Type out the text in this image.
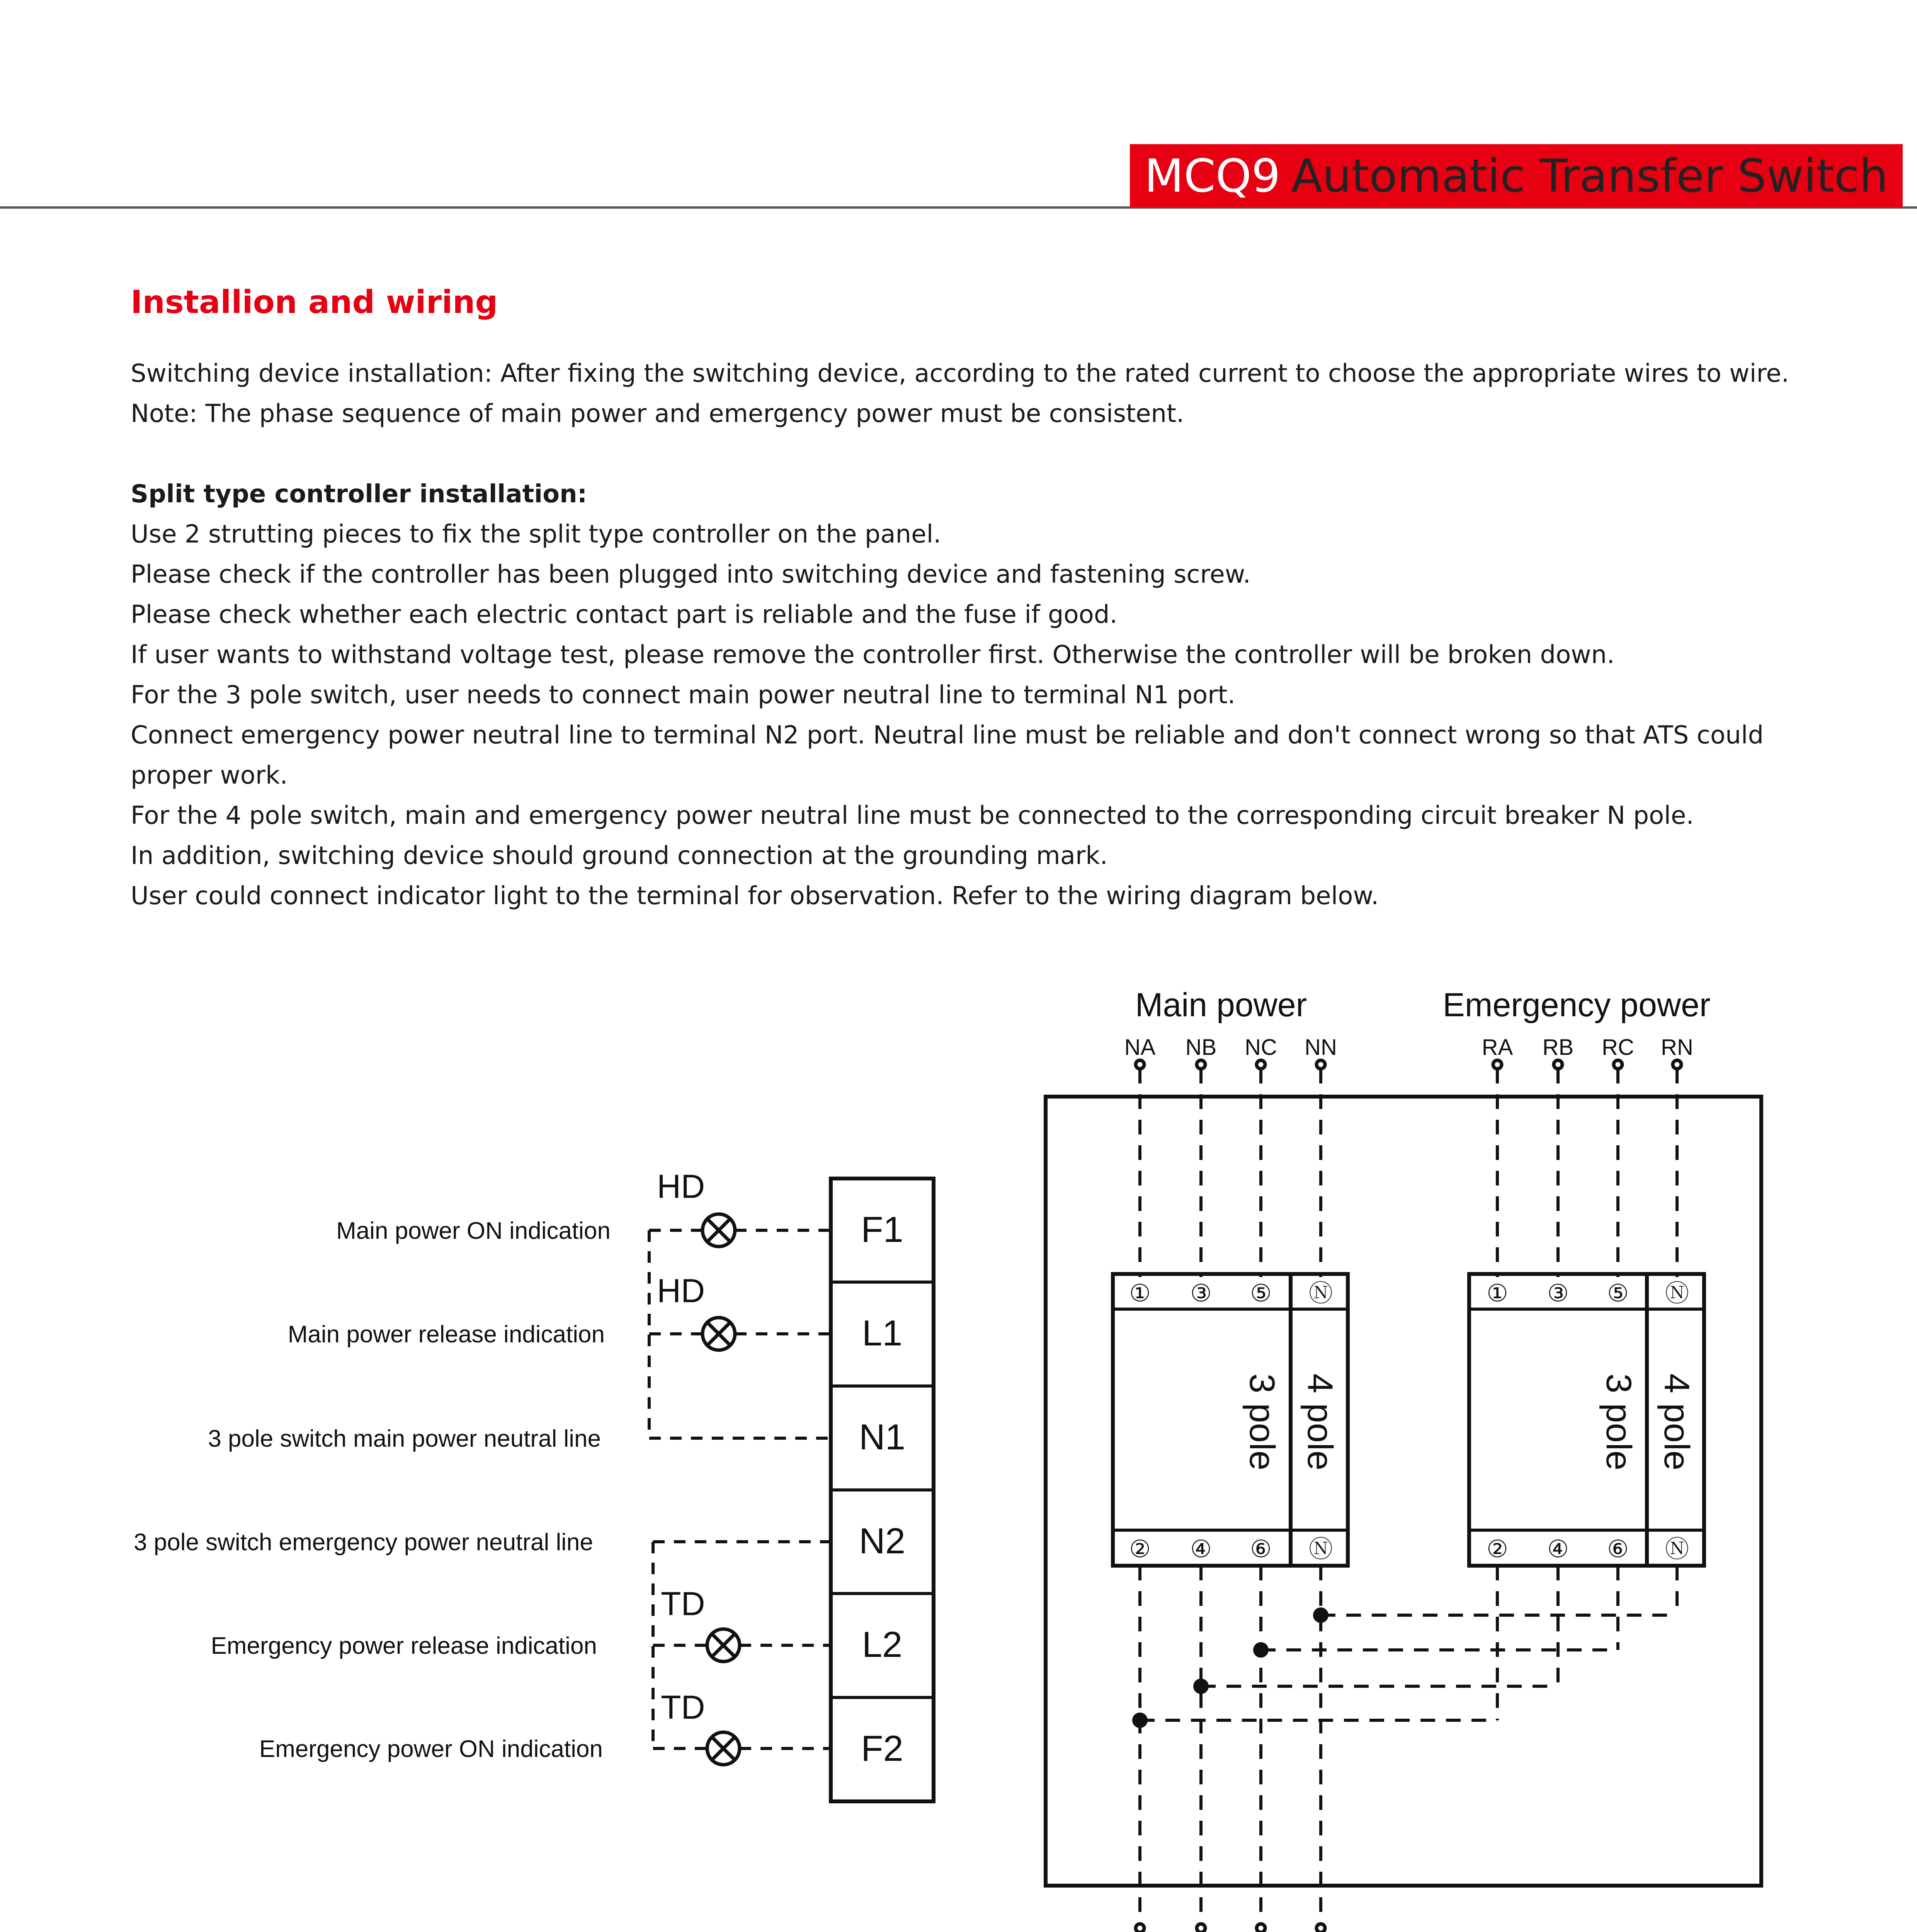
MCQ9 Automatic Transfer Switch
Installion and wiring

Switching device installation: After fixing the switching device, according to the rated current to choose the appropriate wires to wire.

Note: The phase sequence of main power and emergency power must be consistent.

Split type controller installation:

Use 2 strutting pieces to fix the split type controller on the panel.

Please check if the controller has been plugged into switching device and fastening screw.

Please check whether each electric contact part is reliable and the fuse if good.

If user wants to withstand voltage test, please remove the controller first. Otherwise the controller will be broken down.

For the 3 pole switch, user needs to connect main power neutral line to terminal N1 port.

Connect emergency power neutral line to terminal N2 port. Neutral line must be reliable and don't connect wrong so that ATS could proper work.

For the 4 pole switch, main and emergency power neutral line must be connected to the corresponding circuit breaker N pole.

In addition, switching device should ground connection at the grounding mark.

User could connect indicator light to the terminal for observation. Refer to the wiring diagram below.

Main power	Emergency power
NA NB NC NN	RA RB RC RN
① ③ ⑤ Ⓝ
② ④ ⑥ Ⓝ
3 pole 4 pole
① ③ ⑤ Ⓝ
② ④ ⑥ Ⓝ
3 pole 4 pole
F1
L1
N1
N2
L2
F2
HD
HD
TD
TD
Main power ON indication
Main power release indication
3 pole switch main power neutral line
3 pole switch emergency power neutral line
Emergency power release indication
Emergency power ON indication
